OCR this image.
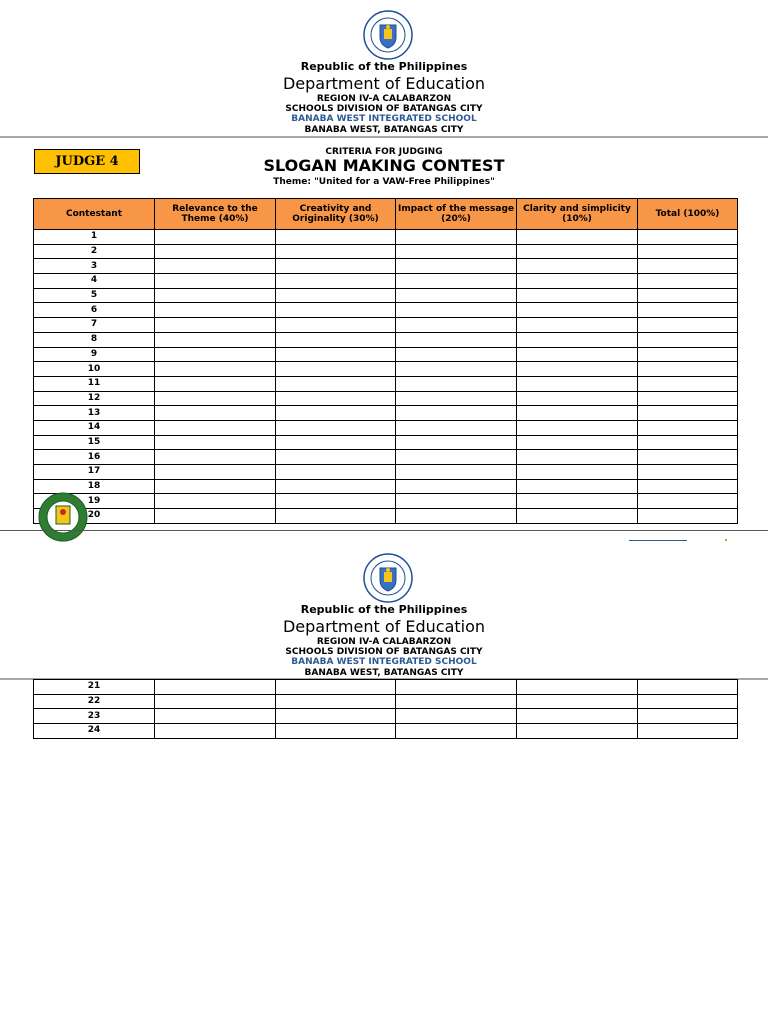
Republic of the Philippines
Department of Education
REGION IV-A CALABARZON
SCHOOLS DIVISION OF BATANGAS CITY
BANABA WEST INTEGRATED SCHOOL
BANABA WEST, BATANGAS CITY
JUDGE 4
CRITERIA FOR JUDGING
SLOGAN MAKING CONTEST
Theme: "United for a VAW-Free Philippines"
Contestant	Relevance to the Theme (40%)	Creativity and Originality (30%)	Impact of the message (20%)	Clarity and simplicity (10%)	Total (100%)
1					
2					
3					
4					
5					
6					
7					
8					
9					
10					
11					
12					
13					
14					
15					
16					
17					
18					
19					
20					
Republic of the Philippines
Department of Education
REGION IV-A CALABARZON
SCHOOLS DIVISION OF BATANGAS CITY
BANABA WEST INTEGRATED SCHOOL
BANABA WEST, BATANGAS CITY
21					
22					
23					
24					
